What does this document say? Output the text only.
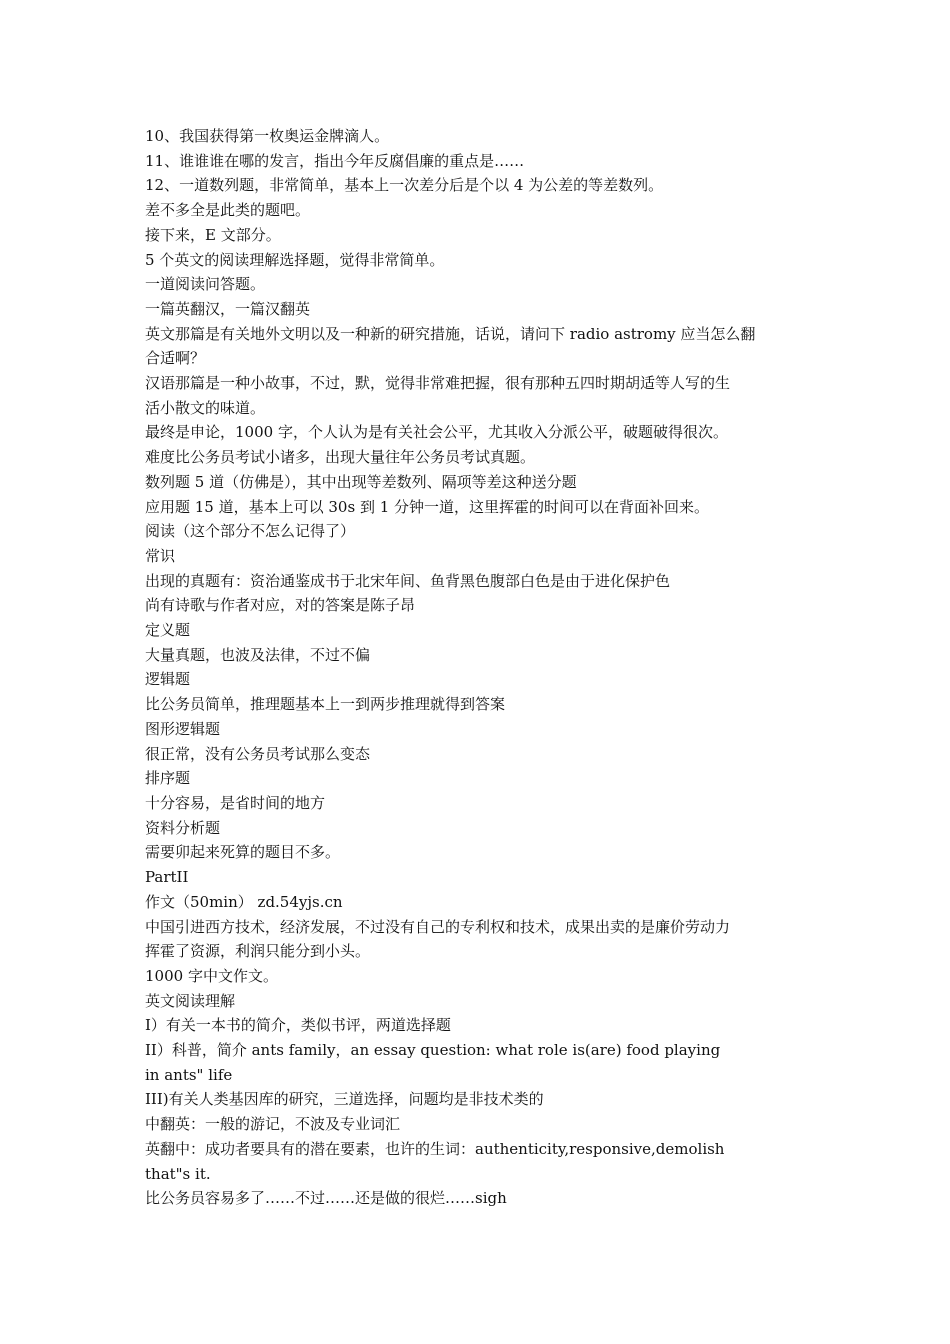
10、我国获得第一枚奥运金牌滴人。
11、谁谁谁在哪的发言，指出今年反腐倡廉的重点是……
12、一道数列题，非常简单，基本上一次差分后是个以 4 为公差的等差数列。
差不多全是此类的题吧。
接下来，E 文部分。
5 个英文的阅读理解选择题，觉得非常简单。
一道阅读问答题。
一篇英翻汉，一篇汉翻英
英文那篇是有关地外文明以及一种新的研究措施，话说，请问下 radio astromy 应当怎么翻
合适啊？
汉语那篇是一种小故事，不过，默，觉得非常难把握，很有那种五四时期胡适等人写的生
活小散文的味道。
最终是申论，1000 字，个人认为是有关社会公平，尤其收入分派公平，破题破得很次。
难度比公务员考试小诸多，出现大量往年公务员考试真题。
数列题 5 道（仿佛是），其中出现等差数列、隔项等差这种送分题
应用题 15 道，基本上可以 30s 到 1 分钟一道，这里挥霍的时间可以在背面补回来。
阅读（这个部分不怎么记得了）
常识
出现的真题有：资治通鉴成书于北宋年间、鱼背黑色腹部白色是由于进化保护色
尚有诗歌与作者对应，对的答案是陈子昂
定义题
大量真题，也波及法律，不过不偏
逻辑题
比公务员简单，推理题基本上一到两步推理就得到答案
图形逻辑题
很正常，没有公务员考试那么变态
排序题
十分容易，是省时间的地方
资料分析题
需要卯起来死算的题目不多。
PartII
作文（50min） zd.54yjs.cn
中国引进西方技术，经济发展，不过没有自己的专利权和技术，成果出卖的是廉价劳动力
挥霍了资源，利润只能分到小头。
1000 字中文作文。
英文阅读理解
I）有关一本书的简介，类似书评，两道选择题
II）科普，简介 ants family，an essay question: what role is(are) food playing
in ants" life
III)有关人类基因库的研究，三道选择，问题均是非技术类的
中翻英：一般的游记，不波及专业词汇
英翻中：成功者要具有的潜在要素，也许的生词：authenticity,responsive,demolish
that"s it.
比公务员容易多了……不过……还是做的很烂……sigh
